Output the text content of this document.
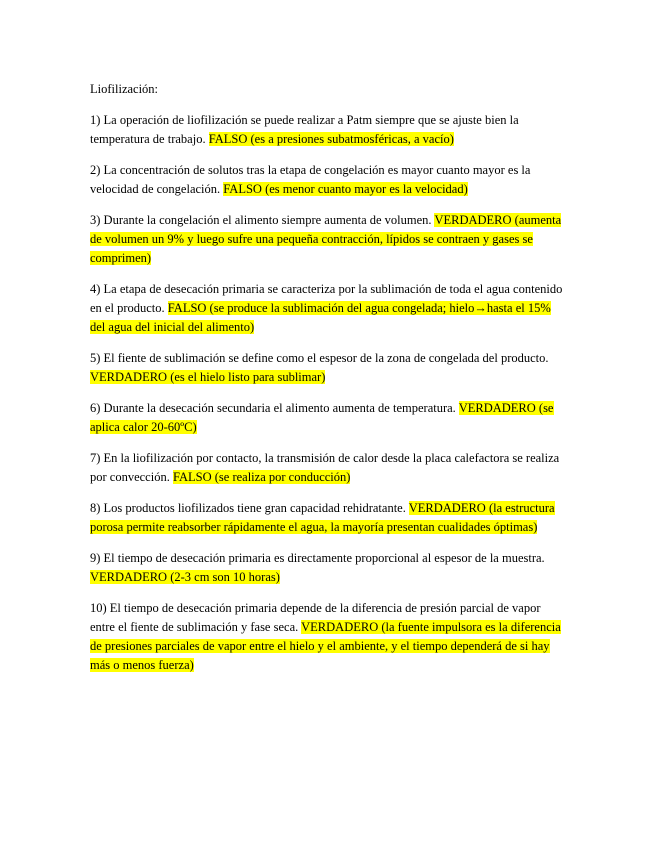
Liofilización:

1) La operación de liofilización se puede realizar a Patm siempre que se ajuste bien la temperatura de trabajo. FALSO (es a presiones subatmosféricas, a vacío)

2) La concentración de solutos tras la etapa de congelación es mayor cuanto mayor es la velocidad de congelación. FALSO (es menor cuanto mayor es la velocidad)

3) Durante la congelación el alimento siempre aumenta de volumen. VERDADERO (aumenta de volumen un 9% y luego sufre una pequeña contracción, lípidos se contraen y gases se comprimen)

4) La etapa de desecación primaria se caracteriza por la sublimación de toda el agua contenido en el producto. FALSO (se produce la sublimación del agua congelada; hielo→hasta el 15% del agua del inicial del alimento)

5) El fiente de sublimación se define como el espesor de la zona de congelada del producto. VERDADERO (es el hielo listo para sublimar)

6) Durante la desecación secundaria el alimento aumenta de temperatura. VERDADERO (se aplica calor 20-60ºC)

7) En la liofilización por contacto, la transmisión de calor desde la placa calefactora se realiza por convección. FALSO (se realiza por conducción)

8) Los productos liofilizados tiene gran capacidad rehidratante. VERDADERO (la estructura porosa permite reabsorber rápidamente el agua, la mayoría presentan cualidades óptimas)

9) El tiempo de desecación primaria es directamente proporcional al espesor de la muestra. VERDADERO (2-3 cm son 10 horas)

10) El tiempo de desecación primaria depende de la diferencia de presión parcial de vapor entre el fiente de sublimación y fase seca. VERDADERO (la fuente impulsora es la diferencia de presiones parciales de vapor entre el hielo y el ambiente, y el tiempo dependerá de si hay más o menos fuerza)
